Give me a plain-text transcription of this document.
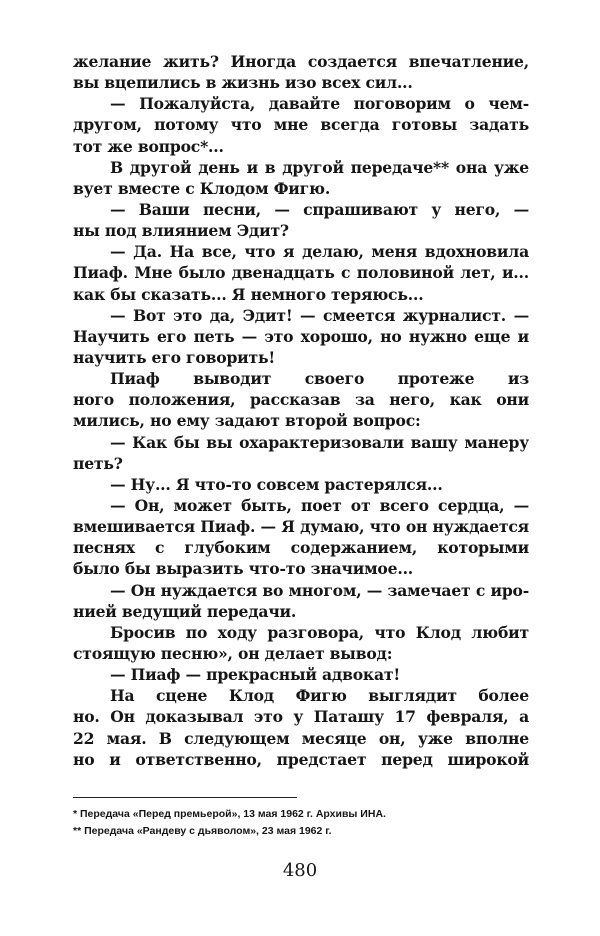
желание жить? Иногда создается впечатление,
вы вцепились в жизнь изо всех сил...
— Пожалуйста, давайте поговорим о чем-
другом, потому что мне всегда готовы задать
тот же вопрос*...
В другой день и в другой передаче** она уже
вует вместе с Клодом Фигю.
— Ваши песни, — спрашивают у него, —
ны под влиянием Эдит?
— Да. На все, что я делаю, меня вдохновила
Пиаф. Мне было двенадцать с половиной лет, и...
как бы сказать... Я немного теряюсь...
— Вот это да, Эдит! — смеется журналист. —
Научить его петь — это хорошо, но нужно еще и
научить его говорить!
Пиаф выводит своего протеже из
ного положения, рассказав за него, как они
мились, но ему задают второй вопрос:
— Как бы вы охарактеризовали вашу манеру
петь?
— Ну... Я что-то совсем растерялся...
— Он, может быть, поет от всего сердца, —
вмешивается Пиаф. — Я думаю, что он нуждается
песнях с глубоким содержанием, которыми
было бы выразить что-то значимое...
— Он нуждается во многом, — замечает с иро-
нией ведущий передачи.
Бросив по ходу разговора, что Клод любит
стоящую песню», он делает вывод:
— Пиаф — прекрасный адвокат!
На сцене Клод Фигю выглядит более
но. Он доказывал это у Паташу 17 февраля, а
22 мая. В следующем месяце он, уже вполне
но и ответственно, предстает перед широкой
* Передача «Перед премьерой», 13 мая 1962 г. Архивы ИНА.
** Передача «Рандеву с дьяволом», 23 мая 1962 г.
480
